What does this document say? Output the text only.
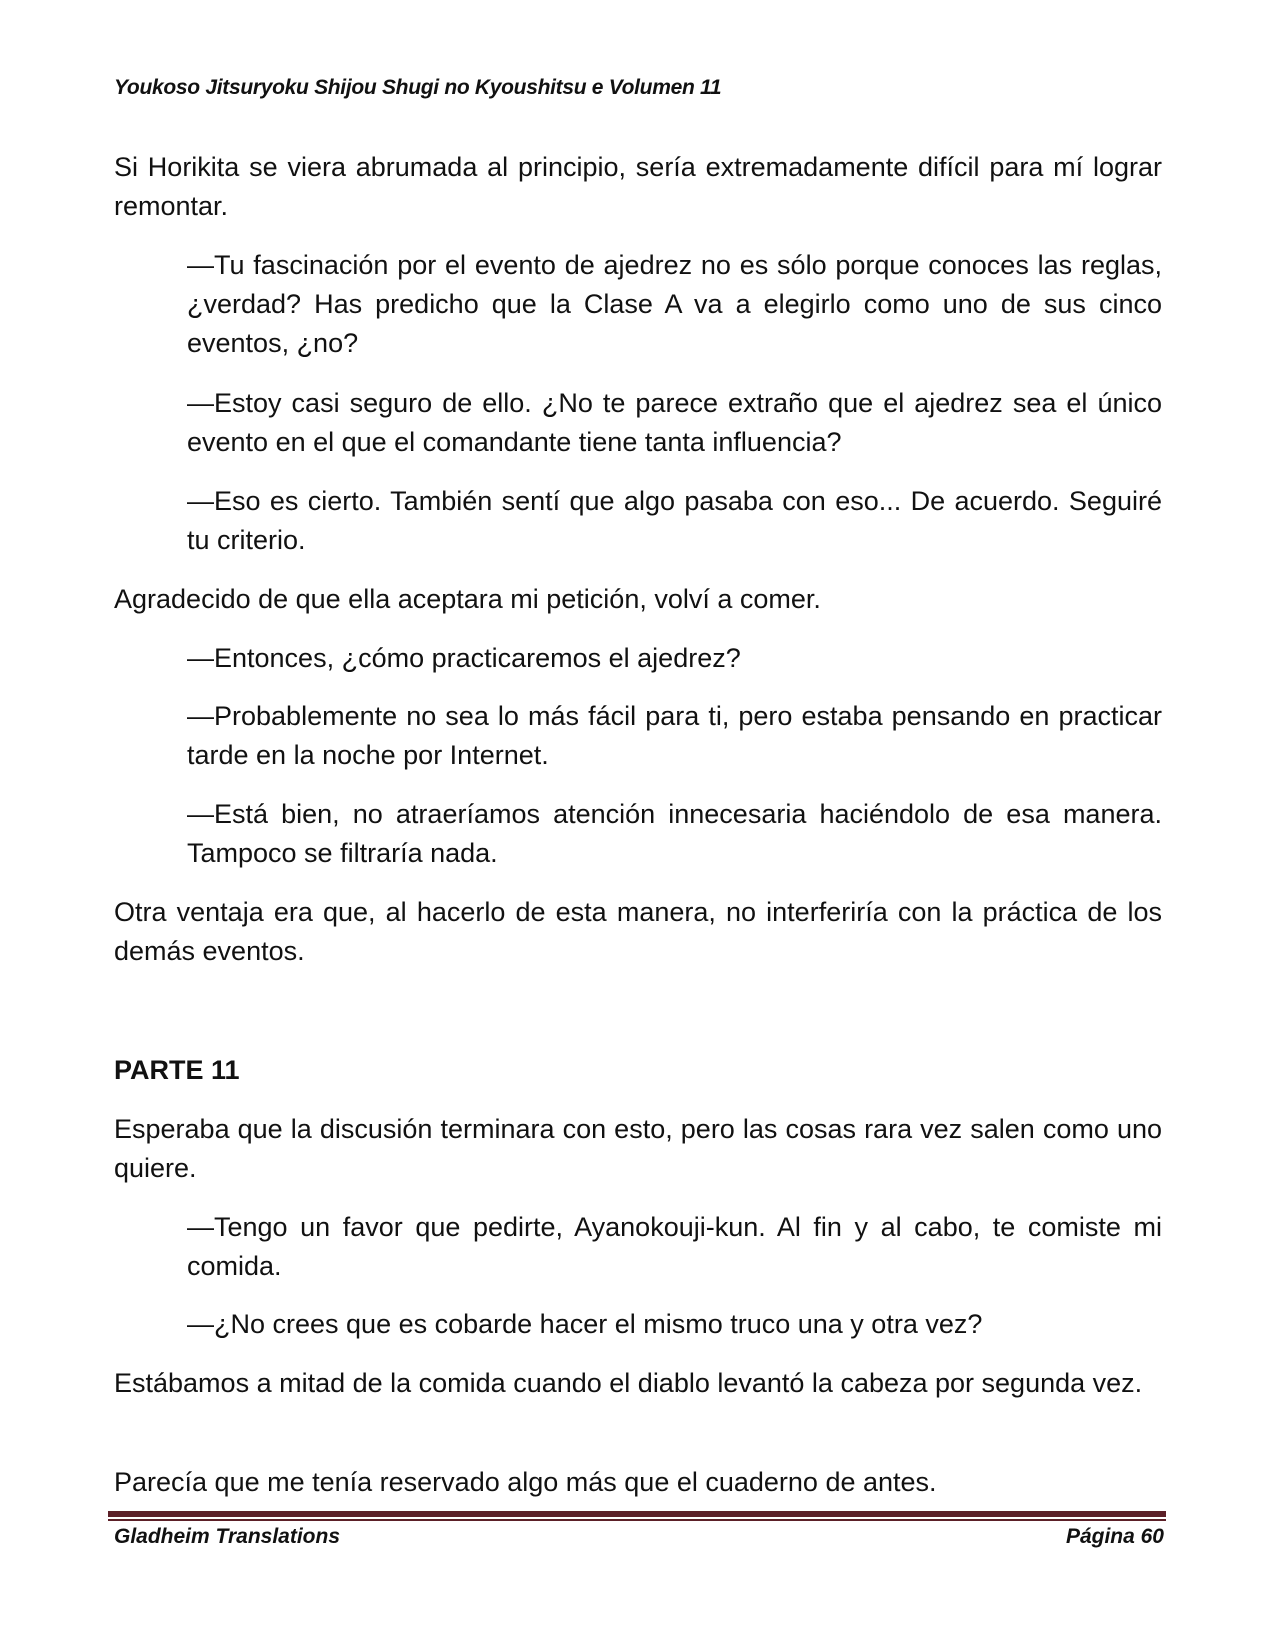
Youkoso Jitsuryoku Shijou Shugi no Kyoushitsu e Volumen 11

Si Horikita se viera abrumada al principio, sería extremadamente difícil para mí lograr remontar.

—Tu fascinación por el evento de ajedrez no es sólo porque conoces las reglas, ¿verdad? Has predicho que la Clase A va a elegirlo como uno de sus cinco eventos, ¿no?

—Estoy casi seguro de ello. ¿No te parece extraño que el ajedrez sea el único evento en el que el comandante tiene tanta influencia?

—Eso es cierto. También sentí que algo pasaba con eso... De acuerdo. Seguiré tu criterio.

Agradecido de que ella aceptara mi petición, volví a comer.

—Entonces, ¿cómo practicaremos el ajedrez?

—Probablemente no sea lo más fácil para ti, pero estaba pensando en practicar tarde en la noche por Internet.

—Está bien, no atraeríamos atención innecesaria haciéndolo de esa manera. Tampoco se filtraría nada.

Otra ventaja era que, al hacerlo de esta manera, no interferiría con la práctica de los demás eventos.

PARTE 11

Esperaba que la discusión terminara con esto, pero las cosas rara vez salen como uno quiere.

—Tengo un favor que pedirte, Ayanokouji-kun. Al fin y al cabo, te comiste mi comida.

—¿No crees que es cobarde hacer el mismo truco una y otra vez?

Estábamos a mitad de la comida cuando el diablo levantó la cabeza por segunda vez.

Parecía que me tenía reservado algo más que el cuaderno de antes.

Gladheim Translations	Página 60
